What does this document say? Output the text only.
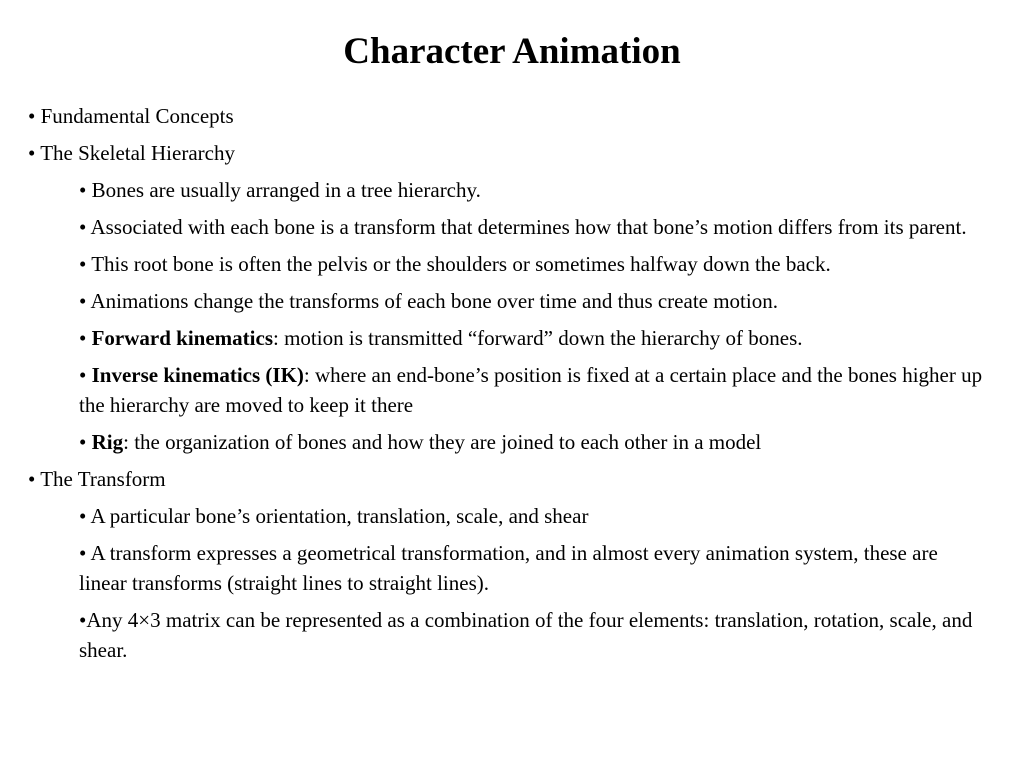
Character Animation
• Fundamental Concepts
• The Skeletal Hierarchy
• Bones are usually arranged in a tree hierarchy.
• Associated with each bone is a transform that determines how that bone’s motion differs from its parent.
• This root bone is often the pelvis or the shoulders or sometimes halfway down the back.
• Animations change the transforms of each bone over time and thus create motion.
• Forward kinematics: motion is transmitted “forward” down the hierarchy of bones.
• Inverse kinematics (IK): where an end-bone’s position is fixed at a certain place and the bones higher up the hierarchy are moved to keep it there
• Rig: the organization of bones and how they are joined to each other in a model
• The Transform
• A particular bone’s orientation, translation, scale, and shear
• A transform expresses a geometrical transformation, and in almost every animation system, these are linear transforms (straight lines to straight lines).
•Any 4×3 matrix can be represented as a combination of the four elements: translation, rotation, scale, and shear.
